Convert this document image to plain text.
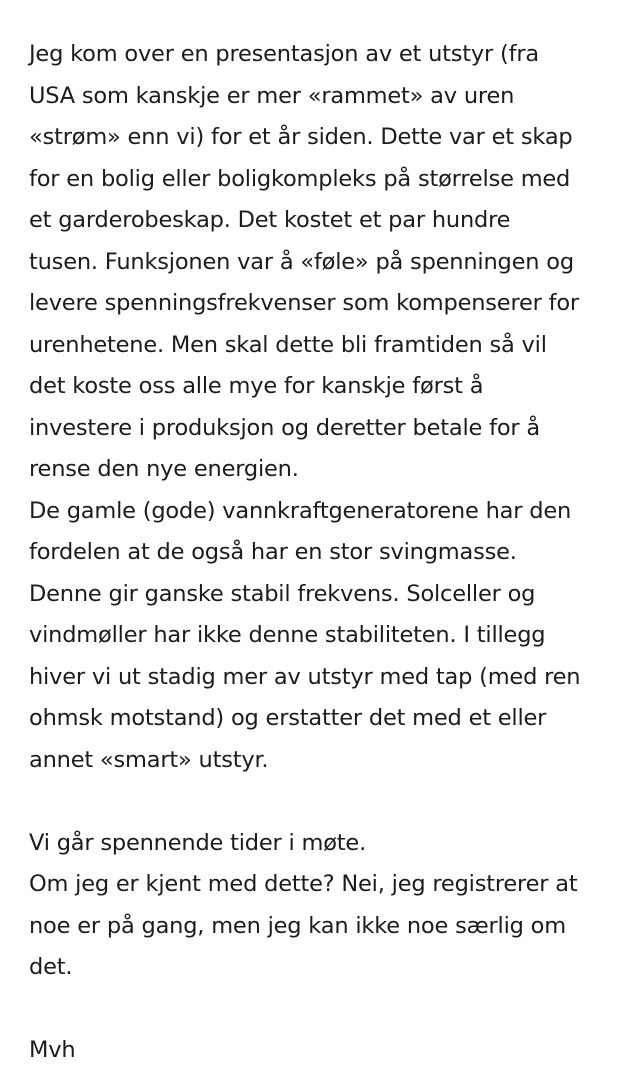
Jeg kom over en presentasjon av et utstyr (fra
USA som kanskje er mer «rammet» av uren
«strøm» enn vi) for et år siden. Dette var et skap
for en bolig eller boligkompleks på størrelse med
et garderobeskap. Det kostet et par hundre
tusen. Funksjonen var å «føle» på spenningen og
levere spenningsfrekvenser som kompenserer for
urenhetene. Men skal dette bli framtiden så vil
det koste oss alle mye for kanskje først å
investere i produksjon og deretter betale for å
rense den nye energien.
De gamle (gode) vannkraftgeneratorene har den
fordelen at de også har en stor svingmasse.
Denne gir ganske stabil frekvens. Solceller og
vindmøller har ikke denne stabiliteten. I tillegg
hiver vi ut stadig mer av utstyr med tap (med ren
ohmsk motstand) og erstatter det med et eller
annet «smart» utstyr.
Vi går spennende tider i møte.
Om jeg er kjent med dette? Nei, jeg registrerer at
noe er på gang, men jeg kan ikke noe særlig om
det.
Mvh
